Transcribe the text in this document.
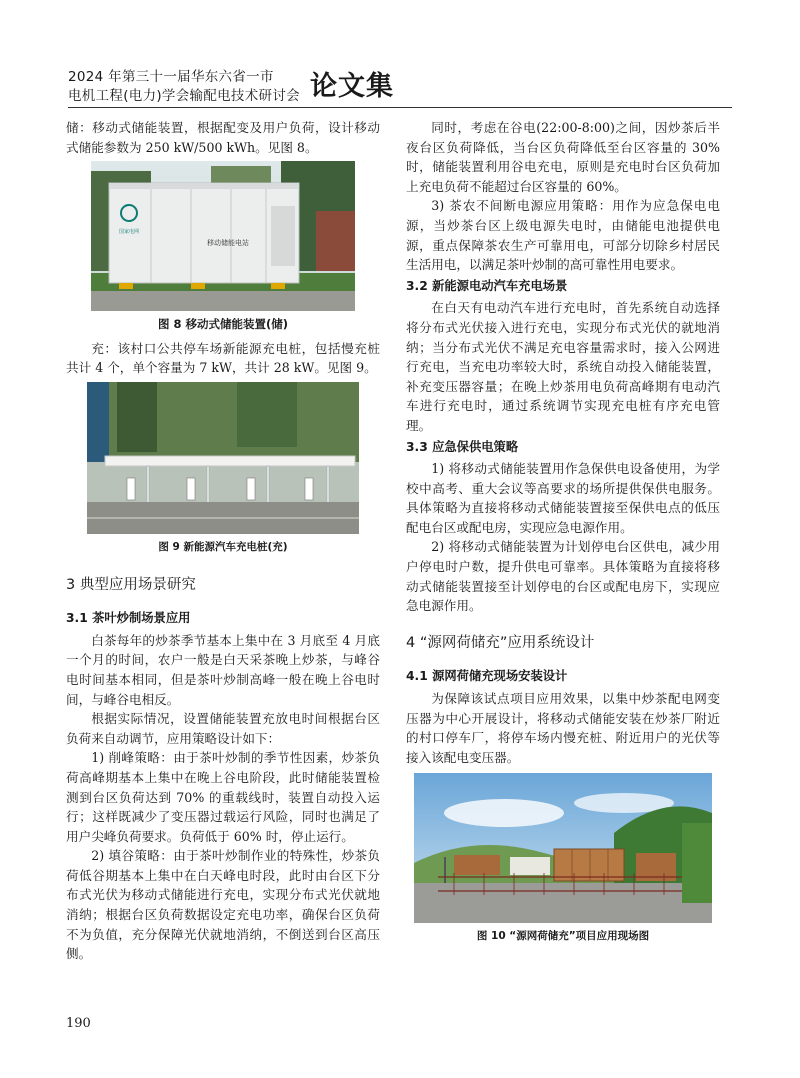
2024 年第三十一届华东六省一市
电机工程(电力)学会输配电技术研讨会 论文集

储：移动式储能装置，根据配变及用户负荷，设计移动式储能参数为 250 kW/500 kWh。见图 8。

国家电网
移动储能电站

图 8 移动式储能装置(储)

充：该村口公共停车场新能源充电桩，包括慢充桩共计 4 个，单个容量为 7 kW，共计 28 kW。见图 9。

图 9 新能源汽车充电桩(充)

3 典型应用场景研究
3.1 茶叶炒制场景应用

白茶每年的炒茶季节基本上集中在 3 月底至 4 月底一个月的时间，农户一般是白天采茶晚上炒茶，与峰谷电时间基本相同，但是茶叶炒制高峰一般在晚上谷电时间，与峰谷电相反。

根据实际情况，设置储能装置充放电时间根据台区负荷来自动调节，应用策略设计如下：

1) 削峰策略：由于茶叶炒制的季节性因素，炒茶负荷高峰期基本上集中在晚上谷电阶段，此时储能装置检测到台区负荷达到 70% 的重载线时，装置自动投入运行；这样既减少了变压器过载运行风险，同时也满足了用户尖峰负荷要求。负荷低于 60% 时，停止运行。

2) 填谷策略：由于茶叶炒制作业的特殊性，炒茶负荷低谷期基本上集中在白天峰电时段，此时由台区下分布式光伏为移动式储能进行充电，实现分布式光伏就地消纳；根据台区负荷数据设定充电功率，确保台区负荷不为负值，充分保障光伏就地消纳，不倒送到台区高压侧。

同时，考虑在谷电(22:00-8:00)之间，因炒茶后半夜台区负荷降低，当台区负荷降低至台区容量的 30% 时，储能装置利用谷电充电，原则是充电时台区负荷加上充电负荷不能超过台区容量的 60%。

3) 茶农不间断电源应用策略：用作为应急保电电源，当炒茶台区上级电源失电时，由储能电池提供电源，重点保障茶农生产可靠用电，可部分切除乡村居民生活用电，以满足茶叶炒制的高可靠性用电要求。

3.2 新能源电动汽车充电场景

在白天有电动汽车进行充电时，首先系统自动选择将分布式光伏接入进行充电，实现分布式光伏的就地消纳；当分布式光伏不满足充电容量需求时，接入公网进行充电，当充电功率较大时，系统自动投入储能装置，补充变压器容量；在晚上炒茶用电负荷高峰期有电动汽车进行充电时，通过系统调节实现充电桩有序充电管理。

3.3 应急保供电策略

1) 将移动式储能装置用作急保供电设备使用，为学校中高考、重大会议等高要求的场所提供保供电服务。具体策略为直接将移动式储能装置接至保供电点的低压配电台区或配电房，实现应急电源作用。

2) 将移动式储能装置为计划停电台区供电，减少用户停电时户数，提升供电可靠率。具体策略为直接将移动式储能装置接至计划停电的台区或配电房下，实现应急电源作用。

4 “源网荷储充”应用系统设计
4.1 源网荷储充现场安装设计

为保障该试点项目应用效果，以集中炒茶配电网变压器为中心开展设计，将移动式储能安装在炒茶厂附近的村口停车厂，将停车场内慢充桩、附近用户的光伏等接入该配电变压器。

图 10 “源网荷储充”项目应用现场图

190
